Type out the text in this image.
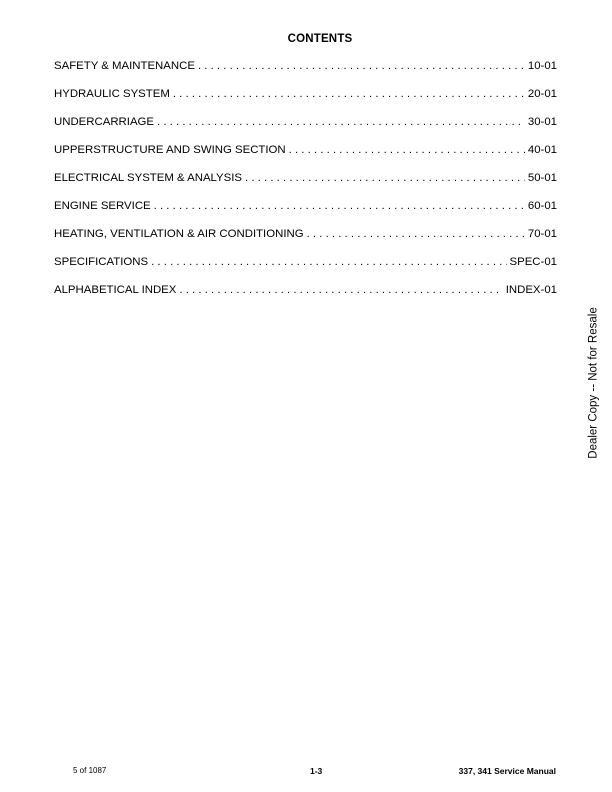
CONTENTS
SAFETY & MAINTENANCE . . .	10-01
HYDRAULIC SYSTEM . . .	20-01
UNDERCARRIAGE . . .	30-01
UPPERSTRUCTURE AND SWING SECTION . . .	40-01
ELECTRICAL SYSTEM & ANALYSIS . . .	50-01
ENGINE SERVICE . . .	60-01
HEATING, VENTILATION & AIR CONDITIONING . . .	70-01
SPECIFICATIONS . . .	SPEC-01
ALPHABETICAL INDEX . . .	INDEX-01
Dealer Copy -- Not for Resale
5 of 1087	1-3	337, 341 Service Manual
